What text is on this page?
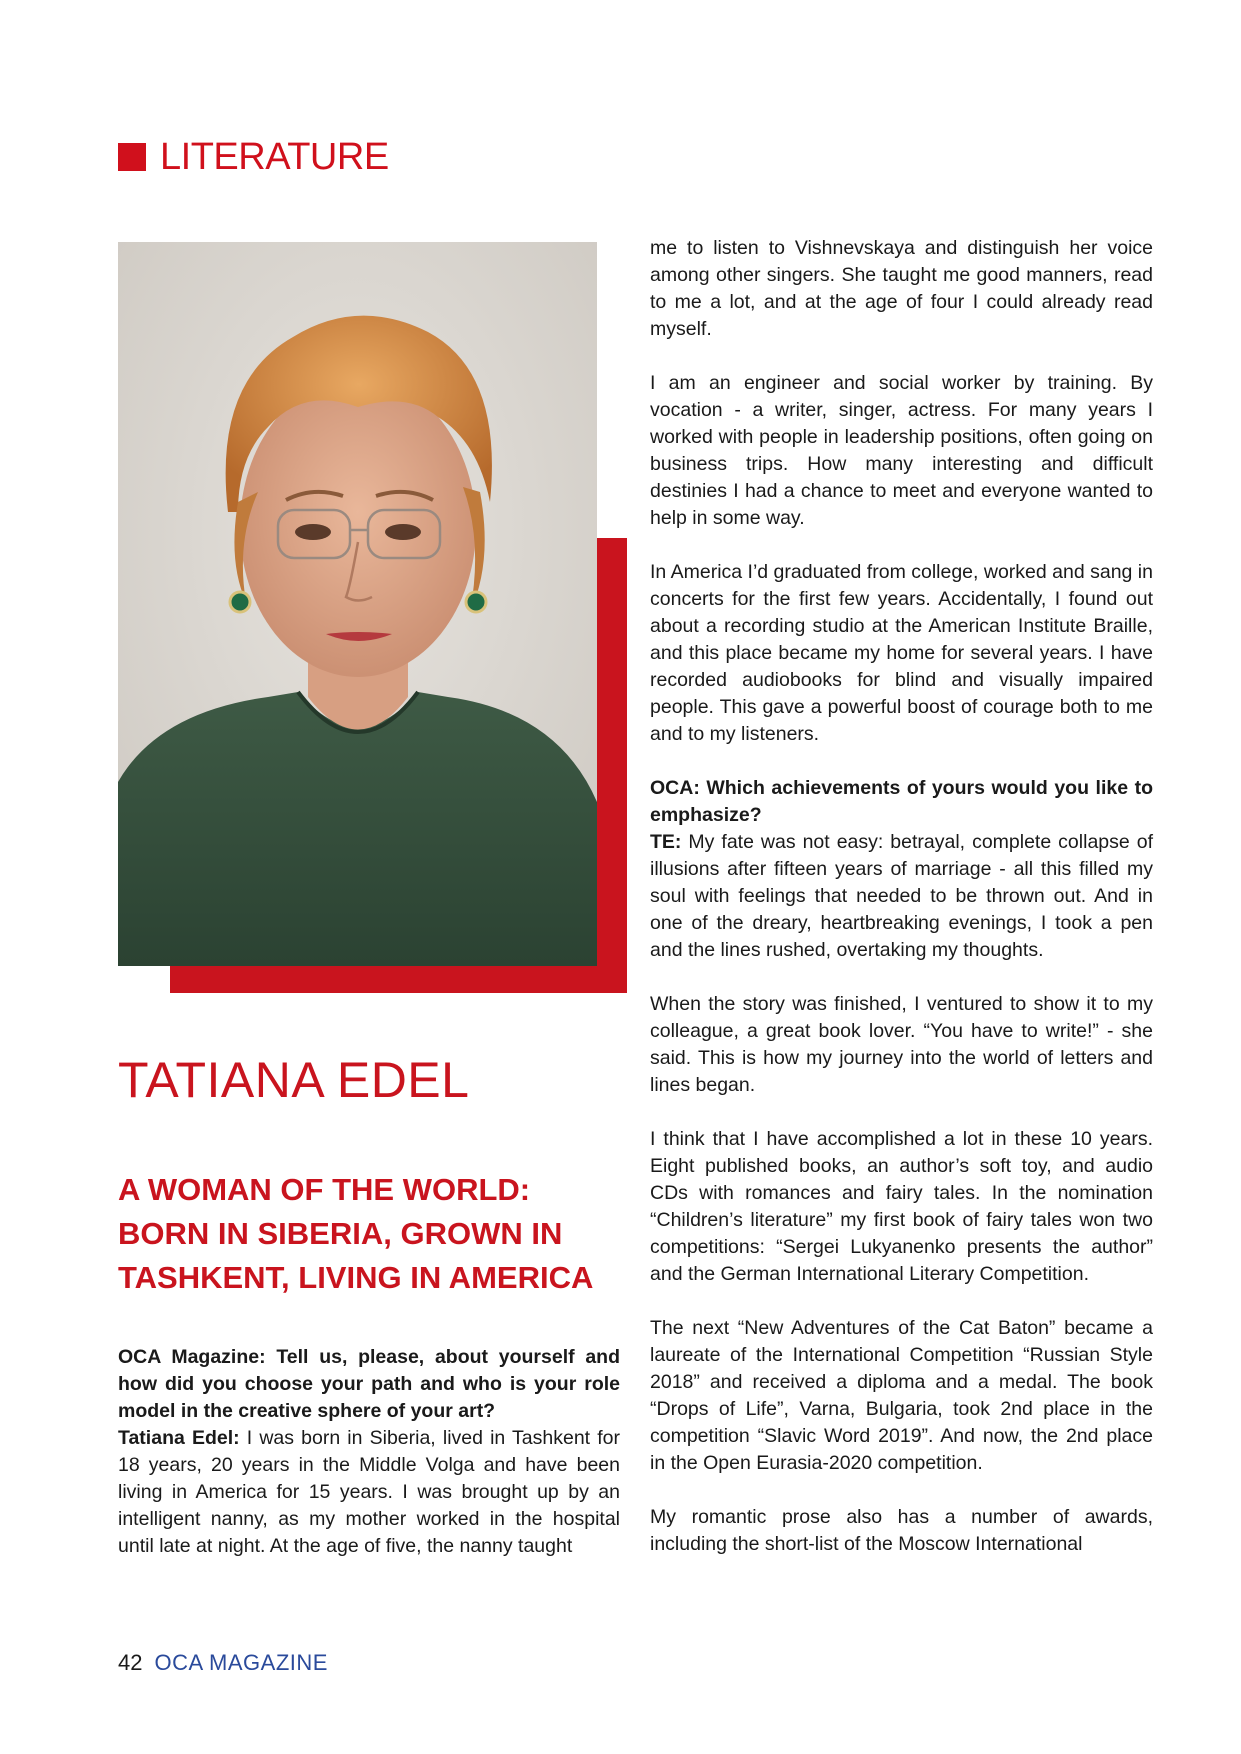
LITERATURE
TATIANA EDEL
A WOMAN OF THE WORLD: BORN IN SIBERIA, GROWN IN TASHKENT, LIVING IN AMERICA

OCA Magazine: Tell us, please, about yourself and how did you choose your path and who is your role model in the creative sphere of your art?
Tatiana Edel: I was born in Siberia, lived in Tashkent for 18 years, 20 years in the Middle Volga and have been living in America for 15 years. I was brought up by an intelligent nanny, as my mother worked in the hospital until late at night. At the age of five, the nanny taught

me to listen to Vishnevskaya and distinguish her voice among other singers. She taught me good manners, read to me a lot, and at the age of four I could already read myself.

I am an engineer and social worker by training. By vocation - a writer, singer, actress. For many years I worked with people in leadership positions, often going on business trips. How many interesting and difficult destinies I had a chance to meet and everyone wanted to help in some way.

In America I’d graduated from college, worked and sang in concerts for the first few years. Accidentally, I found out about a recording studio at the American Institute Braille, and this place became my home for several years. I have recorded audiobooks for blind and visually impaired people. This gave a powerful boost of courage both to me and to my listeners.

OCA: Which achievements of yours would you like to emphasize?
TE: My fate was not easy: betrayal, complete collapse of illusions after fifteen years of marriage - all this filled my soul with feelings that needed to be thrown out. And in one of the dreary, heartbreaking evenings, I took a pen and the lines rushed, overtaking my thoughts.

When the story was finished, I ventured to show it to my colleague, a great book lover. “You have to write!” - she said. This is how my journey into the world of letters and lines began.

I think that I have accomplished a lot in these 10 years. Eight published books, an author’s soft toy, and audio CDs with romances and fairy tales. In the nomination “Children’s literature” my first book of fairy tales won two competitions: “Sergei Lukyanenko presents the author” and the German International Literary Competition.

The next “New Adventures of the Cat Baton” became a laureate of the International Competition “Russian Style 2018” and received a diploma and a medal. The book “Drops of Life”, Varna, Bulgaria, took 2nd place in the competition “Slavic Word 2019”. And now, the 2nd place in the Open Eurasia-2020 competition.

My romantic prose also has a number of awards, including the short-list of the Moscow International

42 OCA MAGAZINE
